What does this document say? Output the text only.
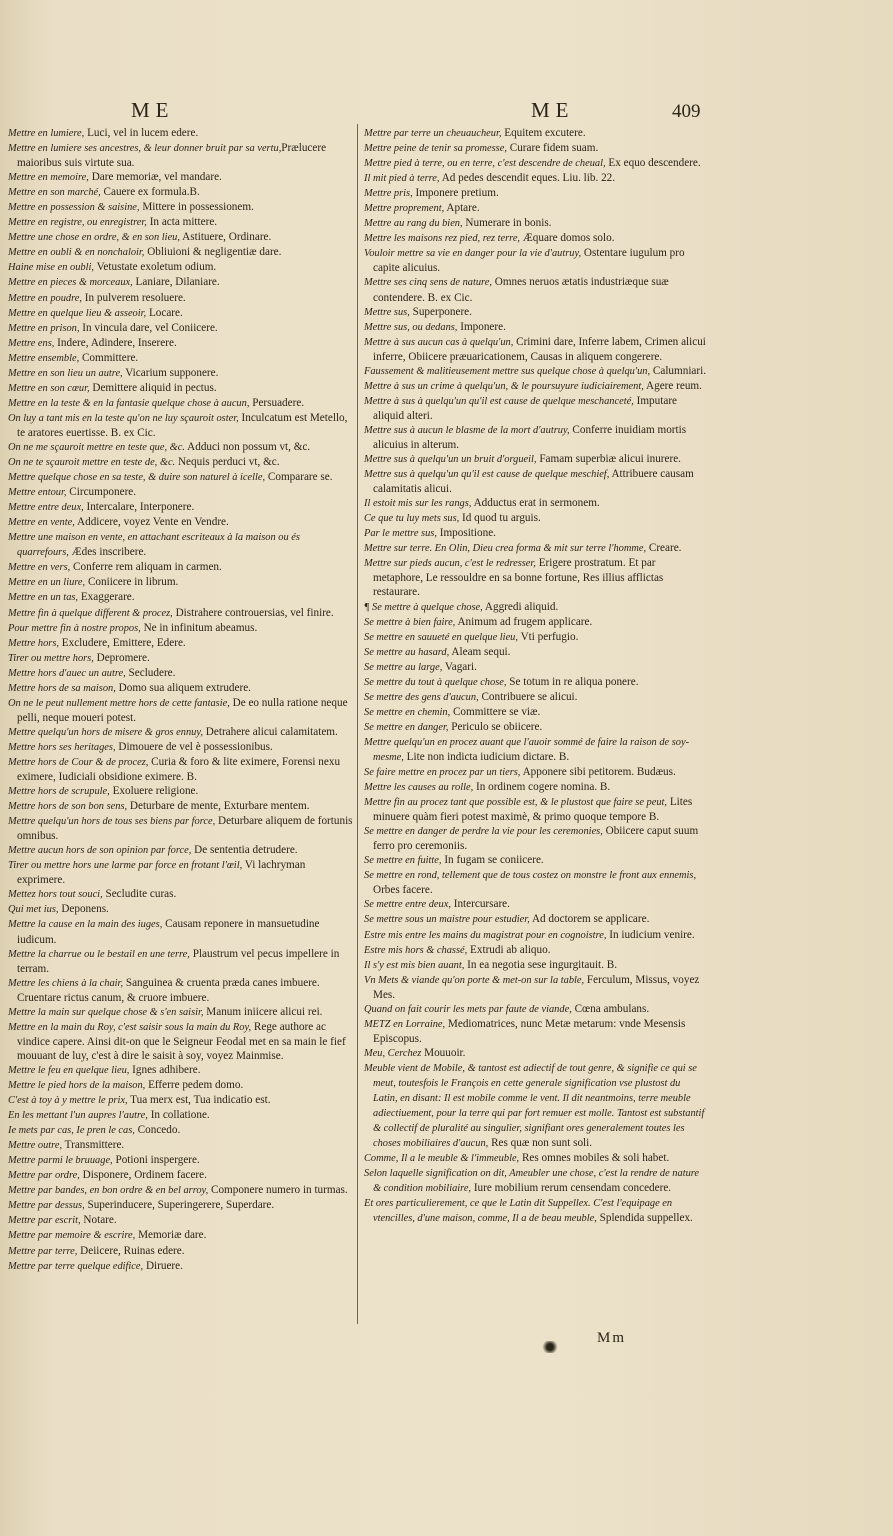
ME	ME	409

Mettre en lumiere, Luci, vel in lucem edere.

Mettre en lumiere ses ancestres, & leur donner bruit par sa vertu,Prælucere maioribus suis virtute sua.

Mettre en memoire, Dare memoriæ, vel mandare.

Mettre en son marché, Cauere ex formula.B.

Mettre en possession & saisine, Mittere in possessionem.

Mettre en registre, ou enregistrer, In acta mittere.

Mettre une chose en ordre, & en son lieu, Astituere, Ordinare.

Mettre en oubli & en nonchaloir, Obliuioni & negligentiæ dare.

Haine mise en oubli, Vetustate exoletum odium.

Mettre en pieces & morceaux, Laniare, Dilaniare.

Mettre en poudre, In pulverem resoluere.

Mettre en quelque lieu & asseoir, Locare.

Mettre en prison, In vincula dare, vel Coniicere.

Mettre ens, Indere, Adindere, Inserere.

Mettre ensemble, Committere.

Mettre en son lieu un autre, Vicarium supponere.

Mettre en son cœur, Demittere aliquid in pectus.

Mettre en la teste & en la fantasie quelque chose à aucun, Persuadere.

On luy a tant mis en la teste qu'on ne luy sçauroit oster, Inculcatum est Metello, te aratores euertisse. B. ex Cic.

On ne me sçauroit mettre en teste que, &c. Adduci non possum vt, &c.

On ne te sçauroit mettre en teste de, &c. Nequis perduci vt, &c.

Mettre quelque chose en sa teste, & duire son naturel à icelle, Comparare se.

Mettre entour, Circumponere.

Mettre entre deux, Intercalare, Interponere.

Mettre en vente, Addicere, voyez Vente en Vendre.

Mettre une maison en vente, en attachant escriteaux à la maison ou és quarrefours, Ædes inscribere.

Mettre en vers, Conferre rem aliquam in carmen.

Mettre en un liure, Coniicere in librum.

Mettre en un tas, Exaggerare.

Mettre fin à quelque different & procez, Distrahere controuersias, vel finire.

Pour mettre fin à nostre propos, Ne in infinitum abeamus.

Mettre hors, Excludere, Emittere, Edere.

Tirer ou mettre hors, Depromere.

Mettre hors d'auec un autre, Secludere.

Mettre hors de sa maison, Domo sua aliquem extrudere.

On ne le peut nullement mettre hors de cette fantasie, De eo nulla ratione neque pelli, neque moueri potest.

Mettre quelqu'un hors de misere & gros ennuy, Detrahere alicui calamitatem.

Mettre hors ses heritages, Dimouere de vel è possessionibus.

Mettre hors de Cour & de procez, Curia & foro & lite eximere, Forensi nexu eximere, Iudiciali obsidione eximere. B.

Mettre hors de scrupule, Exoluere religione.

Mettre hors de son bon sens, Deturbare de mente, Exturbare mentem.

Mettre quelqu'un hors de tous ses biens par force, Deturbare aliquem de fortunis omnibus.

Mettre aucun hors de son opinion par force, De sententia detrudere.

Tirer ou mettre hors une larme par force en frotant l'œil, Vi lachryman exprimere.

Mettez hors tout souci, Secludite curas.

Qui met ius, Deponens.

Mettre la cause en la main des iuges, Causam reponere in mansuetudine iudicum.

Mettre la charrue ou le bestail en une terre, Plaustrum vel pecus impellere in terram.

Mettre les chiens à la chair, Sanguinea & cruenta præda canes imbuere. Cruentare rictus canum, & cruore imbuere.

Mettre la main sur quelque chose & s'en saisir, Manum iniicere alicui rei.

Mettre en la main du Roy, c'est saisir sous la main du Roy, Rege authore ac vindice capere. Ainsi dit-on que le Seigneur Feodal met en sa main le fief mouuant de luy, c'est à dire le saisit à soy, voyez Mainmise.

Mettre le feu en quelque lieu, Ignes adhibere.

Mettre le pied hors de la maison, Efferre pedem domo.

C'est à toy à y mettre le prix, Tua merx est, Tua indicatio est.

En les mettant l'un aupres l'autre, In collatione.

Ie mets par cas, Ie pren le cas, Concedo.

Mettre outre, Transmittere.

Mettre parmi le bruuage, Potioni inspergere.

Mettre par ordre, Disponere, Ordinem facere.

Mettre par bandes, en bon ordre & en bel arroy, Componere numero in turmas.

Mettre par dessus, Superinducere, Superingerere, Superdare.

Mettre par escrit, Notare.

Mettre par memoire & escrire, Memoriæ dare.

Mettre par terre, Deiicere, Ruinas edere.

Mettre par terre quelque edifice, Diruere.

Mettre par terre un cheuaucheur, Equitem excutere.

Mettre peine de tenir sa promesse, Curare fidem suam.

Mettre pied à terre, ou en terre, c'est descendre de cheual, Ex equo descendere.

Il mit pied à terre, Ad pedes descendit eques. Liu. lib. 22.

Mettre pris, Imponere pretium.

Mettre proprement, Aptare.

Mettre au rang du bien, Numerare in bonis.

Mettre les maisons rez pied, rez terre, Æquare domos solo.

Vouloir mettre sa vie en danger pour la vie d'autruy, Ostentare iugulum pro capite alicuius.

Mettre ses cinq sens de nature, Omnes neruos ætatis industriæque suæ contendere. B. ex Cic.

Mettre sus, Superponere.

Mettre sus, ou dedans, Imponere.

Mettre à sus aucun cas à quelqu'un, Crimini dare, Inferre labem, Crimen alicui inferre, Obiicere præuaricationem, Causas in aliquem congerere.

Faussement & malitieusement mettre sus quelque chose à quelqu'un, Calumniari.

Mettre à sus un crime à quelqu'un, & le poursuyure iudiciairement, Agere reum.

Mettre à sus à quelqu'un qu'il est cause de quelque meschanceté, Imputare aliquid alteri.

Mettre sus à aucun le blasme de la mort d'autruy, Conferre inuidiam mortis alicuius in alterum.

Mettre sus à quelqu'un un bruit d'orgueil, Famam superbiæ alicui inurere.

Mettre sus à quelqu'un qu'il est cause de quelque meschief, Attribuere causam calamitatis alicui.

Il estoit mis sur les rangs, Adductus erat in sermonem.

Ce que tu luy mets sus, Id quod tu arguis.

Par le mettre sus, Impositione.

Mettre sur terre. En Olin, Dieu crea forma & mit sur terre l'homme, Creare.

Mettre sur pieds aucun, c'est le redresser, Erigere prostratum. Et par metaphore, Le ressouldre en sa bonne fortune, Res illius afflictas restaurare.

¶ Se mettre à quelque chose, Aggredi aliquid.

Se mettre à bien faire, Animum ad frugem applicare.

Se mettre en sauueté en quelque lieu, Vti perfugio.

Se mettre au hasard, Aleam sequi.

Se mettre au large, Vagari.

Se mettre du tout à quelque chose, Se totum in re aliqua ponere.

Se mettre des gens d'aucun, Contribuere se alicui.

Se mettre en chemin, Committere se viæ.

Se mettre en danger, Periculo se obiicere.

Mettre quelqu'un en procez auant que l'auoir sommé de faire la raison de soy-mesme, Lite non indicta iudicium dictare. B.

Se faire mettre en procez par un tiers, Apponere sibi petitorem. Budæus.

Mettre les causes au rolle, In ordinem cogere nomina. B.

Mettre fin au procez tant que possible est, & le plustost que faire se peut, Lites minuere quàm fieri potest maximè, & primo quoque tempore B.

Se mettre en danger de perdre la vie pour les ceremonies, Obiicere caput suum ferro pro ceremoniis.

Se mettre en fuitte, In fugam se coniicere.

Se mettre en rond, tellement que de tous costez on monstre le front aux ennemis, Orbes facere.

Se mettre entre deux, Intercursare.

Se mettre sous un maistre pour estudier, Ad doctorem se applicare.

Estre mis entre les mains du magistrat pour en cognoistre, In iudicium venire.

Estre mis hors & chassé, Extrudi ab aliquo.

Il s'y est mis bien auant, In ea negotia sese ingurgitauit. B.

Vn Mets & viande qu'on porte & met-on sur la table, Ferculum, Missus, voyez Mes.

Quand on fait courir les mets par faute de viande, Cœna ambulans.

METZ en Lorraine, Mediomatrices, nunc Metæ metarum: vnde Mesensis Episcopus.

Meu, Cerchez Mouuoir.

Meuble vient de Mobile, & tantost est adiectif de tout genre, & signifie ce qui se meut, toutesfois le François en cette generale signification vse plustost du Latin, en disant: Il est mobile comme le vent. Il dit neantmoins, terre meuble adiectiuement, pour la terre qui par fort remuer est molle. Tantost est substantif & collectif de pluralité au singulier, signifiant ores generalement toutes les choses mobiliaires d'aucun, Res quæ non sunt soli.

Comme, Il a le meuble & l'immeuble, Res omnes mobiles & soli habet.

Selon laquelle signification on dit, Ameubler une chose, c'est la rendre de nature & condition mobiliaire, Iure mobilium rerum censendam concedere.

Et ores particulierement, ce que le Latin dit Suppellex. C'est l'equipage en vtencilles, d'une maison, comme, Il a de beau meuble, Splendida suppellex.

Mm
